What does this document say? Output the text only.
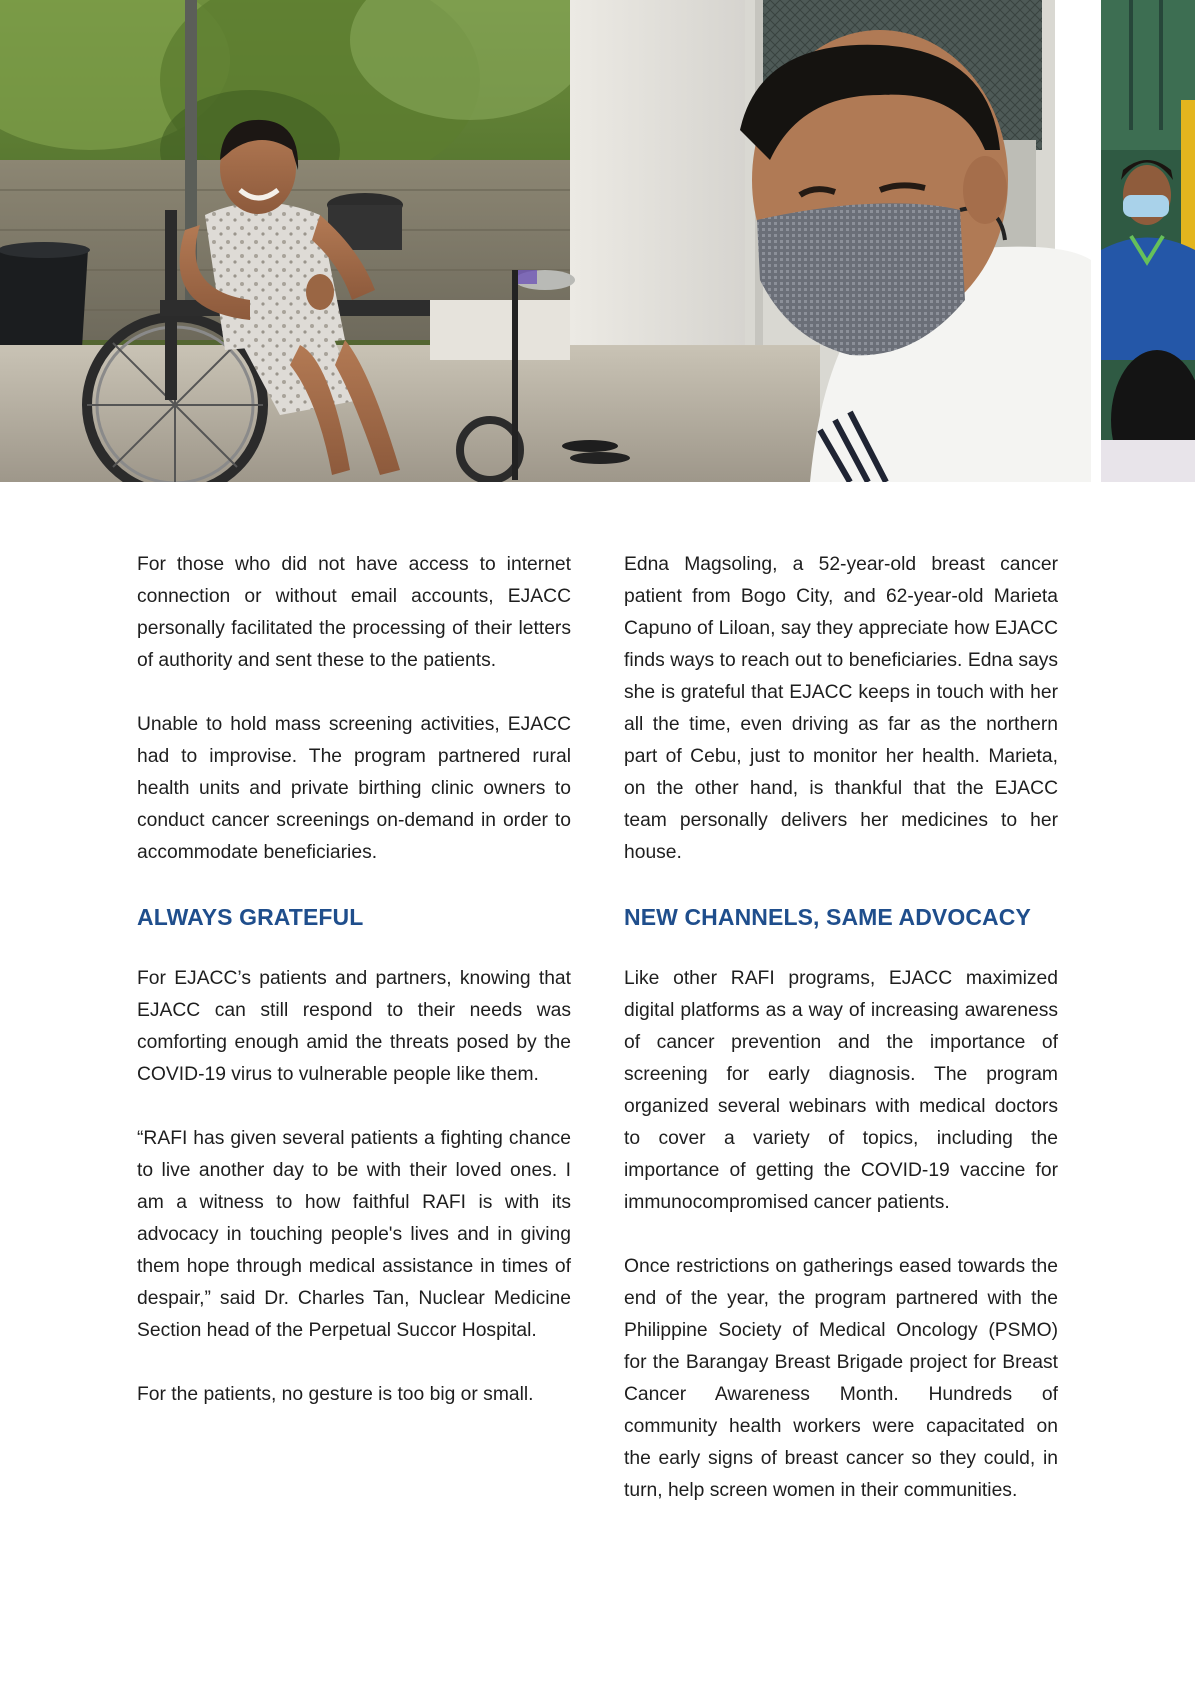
For those who did not have access to internet connection or without email accounts, EJACC personally facilitated the processing of their letters of authority and sent these to the patients.

Unable to hold mass screening activities, EJACC had to improvise. The program partnered rural health units and private birthing clinic owners to conduct cancer screenings on-demand in order to accommodate beneficiaries.

ALWAYS GRATEFUL

For EJACC’s patients and partners, knowing that EJACC can still respond to their needs was comforting enough amid the threats posed by the COVID-19 virus to vulnerable people like them.

“RAFI has given several patients a fighting chance to live another day to be with their loved ones. I am a witness to how faithful RAFI is with its advocacy in touching people's lives and in giving them hope through medical assistance in times of despair,” said Dr. Charles Tan, Nuclear Medicine Section head of the Perpetual Succor Hospital.

For the patients, no gesture is too big or small.

Edna Magsoling, a 52-year-old breast cancer patient from Bogo City, and 62-year-old Marieta Capuno of Liloan, say they appreciate how EJACC finds ways to reach out to beneficiaries. Edna says she is grateful that EJACC keeps in touch with her all the time, even driving as far as the northern part of Cebu, just to monitor her health. Marieta, on the other hand, is thankful that the EJACC team personally delivers her medicines to her house.

NEW CHANNELS, SAME ADVOCACY

Like other RAFI programs, EJACC maximized digital platforms as a way of increasing awareness of cancer prevention and the importance of screening for early diagnosis. The program organized several webinars with medical doctors to cover a variety of topics, including the importance of getting the COVID-19 vaccine for immunocompromised cancer patients.

Once restrictions on gatherings eased towards the end of the year, the program partnered with the Philippine Society of Medical Oncology (PSMO) for the Barangay Breast Brigade project for Breast Cancer Awareness Month. Hundreds of community health workers were capacitated on the early signs of breast cancer so they could, in turn, help screen women in their communities.
